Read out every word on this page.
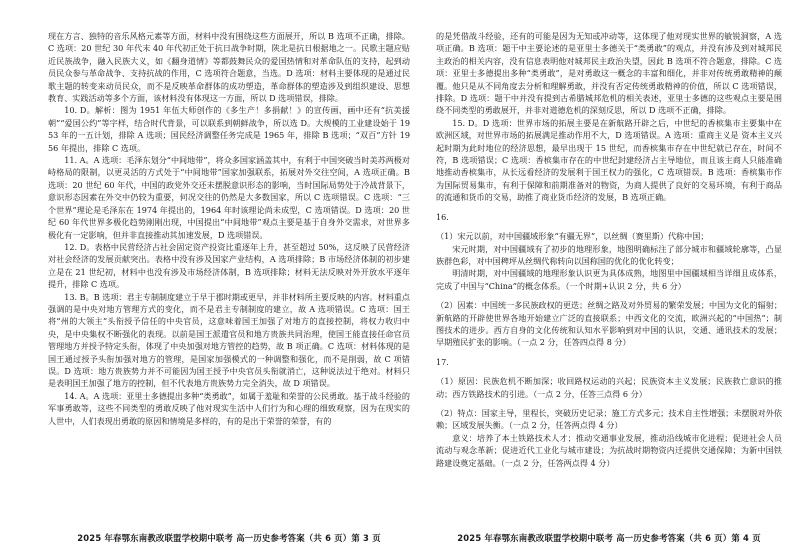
现在方言、独特的音乐风格元素等方面，材料中没有围绕这些方面展开，所以 B 选项不正确，排除。C 选项：20 世纪 30 年代末 40 年代初正处于抗日战争时期，陕北是抗日根据地之一。民歌主题应贴近民族战争，融入民族大义，如《翻身道情》等都鼓舞民众的爱国热情和对革命队伍的支持，起到动员民众参与革命战争、支持抗战的作用，C 选项符合题意，当选。D 选项：材料主要体现的是通过民歌主题的转变来动员民众，而不是反映革命群体的成功塑造，革命群体的塑造涉及到组织建设、思想教育、实践活动等多个方面，该材料没有体现这一方面，所以 D 选项错误，排除。

10. D。解析：图为 1951 年伍大师创作的《多生产！多捐献！》的宣传画，画中还有“抗美援朝”“爱国公约”等字样，结合时代背景，可以联系到朝鲜战争，所以选 D。大规模的工业建设始于 1953 年的一五计划，排除 A 选项；国民经济调整任务完成是 1965 年，排除 B 选项；“双百”方针 1956 年提出，排除 C 选项。

11. A。A 选项：毛泽东划分“中间地带”，将众多国家涵盖其中，有利于中国突破当时美苏两极对峙格局的限制，以更灵活的方式处于“中间地带”国家加强联系，拓展对外交往空间，A 选项正确。B 选项：20 世纪 60 年代，中国的政党外交还未摆脱意识形态的影响，当时国际局势处于冷战背景下，意识形态因素在外交中仍较为重要，何况交往的仍然是大多数国家，所以 C 选项错误。C 选项：“三个世界”理论是毛泽东在 1974 年提出的，1964 年时该理论尚未成型，C 选项错误。D 选项：20 世纪 60 年代世界多极化趋势刚刚出现，中国提出“中间地带”观点主要是基于自身外交需求，对世界多极化有一定影响，但并非直接推动其加速发展，D 选项错误。

12. D。表格中民营经济占社会固定资产投资比重逐年上升，甚至超过 50%，这反映了民营经济对社会经济的发展贡献突出。表格中没有涉及国家产业结构，A 选项排除；B 市场经济体制的初步建立是在 21 世纪初，材料中也没有涉及市场经济体制，B 选项排除；材料无法反映对外开放水平逐年提升，排除 C 选项。

13. B。B 选项：君主专制制度建立于早于郡时期或更早，并非材料所主要反映的内容。材料重点强调的是中央对地方管理方式的变化，而不是君主专制制度的建立，故 A 选项错误。C 选项：国王将“州的大领主”头衔授予信任的中央官员，这意味着国王加强了对地方的直接控制，将权力收归中央，是中央集权不断强化的表现。以前是国王派遣官员和地方贵族共同治理，使国王能直接任命官员管理地方并授予特定头衔，体现了中央加强对地方管控的趋势，故 B 项正确。C 选项：材料体现的是国王通过授予头衔加强对地方的管理，是国家加强模式的一种调整和强化，而不是削弱，故 C 项错误。D 选项：地方贵族势力并不可能因为国王授予中央官员头衔就消亡，这种说法过于绝对。材料只是表明国王加强了地方的控制，但不代表地方贵族势力完全消失，故 D 项错误。

14. A。A 选项：亚里士多德提出多种“类勇敢”，如属于羞耻和荣誉的公民勇敢。基于战斗经验的军事勇敢等，这些不同类型的勇敢反映了他对现实生活中人们行为和心理的细致观察，因为在现实的人世中，人们表现出勇敢的原因和情境是多样的，有的是出于荣誉的荣誉，有的

2025 年春鄂东南教改联盟学校期中联考 高一历史参考答案（共 6 页）第 3 页

的是凭借战斗经验，还有的可能是因为无知或冲动等，这体现了他对现实世界的敏锐洞察，A 选项正确。B 选项：题干中主要论述的是亚里士多德关于“类勇敢”的观点，并没有涉及到对城邦民主政治的相关内容，没有信息表明他对城邦民主政治失望，因此 B 选项不符合题意，排除。C 选项：亚里士多德提出多种“类勇敢”，是对勇敢这一概念的丰富和细化，并非对传统勇敢精神的颠覆。他只是从不同角度去分析和理解勇敢，并没有否定传统勇敢精神的价值，所以 C 选项错误，排除。D 选项：题干中并没有提到古希腊城邦危机的相关表述，亚里士多德的这些观点主要是围绕不同类型的勇敢展开，并非对道德危机的深刻反思，所以 D 选项不正确，排除。

15. D。D 选项：世界市场的拓展主要是在新航路开辟之后，中世纪的香槟集市主要集中在欧洲区域，对世界市场的拓展满足推动作用不大，D 选项错误。A 选项：重商主义是 资本主义兴起时期为此时地位的经济思想，最早出现于 15 世纪，而香槟集市存在中世纪就已存在，时间不符，B 选项错误；C 选项：香槟集市存在的中世纪封建经济占主导地位，而且该主商人只能准确地推动香槟集市，从长远看经济的发展利于国王权力的强化，C 选项错误。B 选项：香槟集市作为国际贸易集市，有利于保障和前期准备对的物资，为商人提供了良好的交易环境，有利于商品的流通和货币的交易，助推了商业货币经济的发展，B 选项正确。

16.

（1）宋元以前，对中国疆域形象“有疆无界”，以丝绸（赛里斯）代称中国；

宋元时期，对中国疆域有了初步的地理形象，地图明确标注了部分城市和疆域轮廓等，凸显族群色彩，对中国稗坪从丝绸代称转向以国称国的优化的优化转变；

明清时期，对中国疆域的地理形象认识更为具体成熟，地图里中国疆域相当详细且成体系，完成了中国与“China”的概念体系。（一个时期+认识 2 分，共 6 分）

（2）因素：中国统一多民族政权的更迭；丝绸之路及对外贸易的繁荣发展；中国为文化的辐射；新航路的开辟使世界各地开始建立广泛的直接联系；中西文化的交流，欧洲兴起的“中国热”；制图技术的进步。西方自身的文化传统和认知水平影响到对中国的认识，交通、通讯技术的发展；早期殖民扩张的影响。（一点 2 分，任答四点得 8 分）

17.

（1）原因：民族危机不断加深；收回路权运动的兴起；民族资本主义发展；民族救亡意识的推动；西方铁路技术的引进。（一点 2 分，任答三点得 6 分）

（2）特点：国家主导，里程长，突破历史记录；施工方式多元；技术自主性增强；未摆脱对外依赖；区域发展失衡。（一点 2 分，任答两点得 4 分）

意义：培养了本土铁路技术人才；推动交通事业发展，推动沿线城市化进程；促进社会人员流动与观念革新；促进近代工业化与城市建设；为抗战时期物资内迁提供交通保障；为新中国铁路建设奠定基础。（一点 2 分，任答两点得 4 分）

2025 年春鄂东南教改联盟学校期中联考 高一历史参考答案（共 6 页）第 4 页
